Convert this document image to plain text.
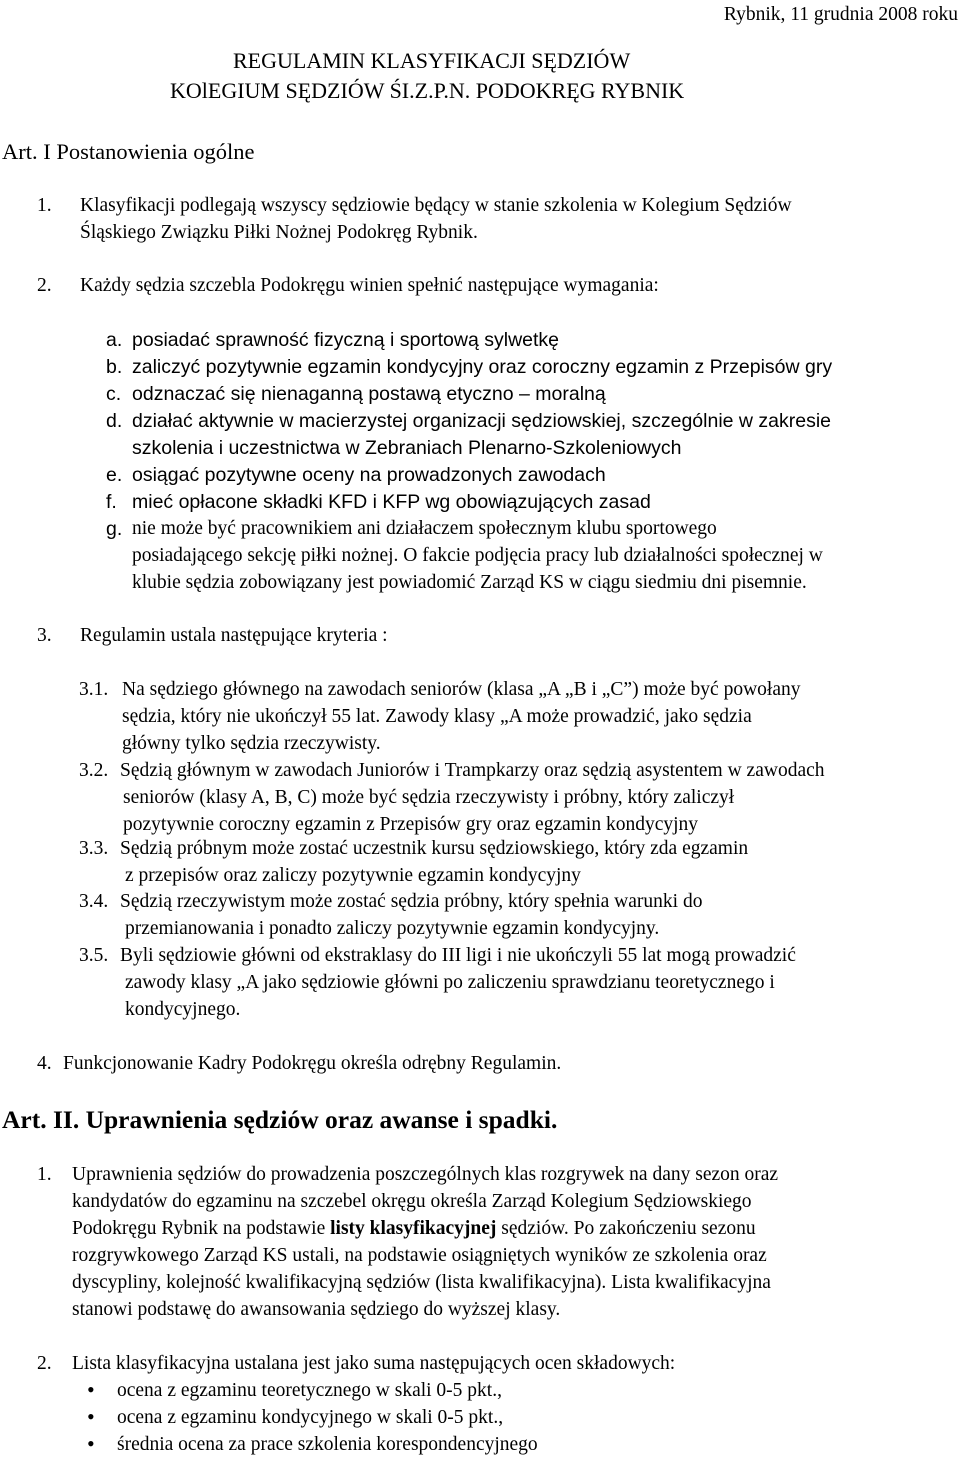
Rybnik, 11 grudnia 2008 roku
REGULAMIN KLASYFIKACJI SĘDZIÓW
KOlEGIUM SĘDZIÓW ŚI.Z.P.N. PODOKRĘG RYBNIK
Art. I Postanowienia ogólne
1. Klasyfikacji podlegają wszyscy sędziowie będący w stanie szkolenia w Kolegium Sędziów
Śląskiego Związku Piłki Nożnej Podokręg Rybnik.
2. Każdy sędzia szczebla Podokręgu winien spełnić następujące wymagania:
a. posiadać sprawność fizyczną i sportową sylwetkę
b. zaliczyć pozytywnie egzamin kondycyjny oraz coroczny egzamin z Przepisów gry
c. odznaczać się nienaganną postawą etyczno – moralną
d. działać aktywnie w macierzystej organizacji sędziowskiej, szczególnie w zakresie
szkolenia i uczestnictwa w Zebraniach Plenarno-Szkoleniowych
e. osiągać pozytywne oceny na prowadzonych zawodach
f. mieć opłacone składki KFD i KFP wg obowiązujących zasad
g. nie może być pracownikiem ani działaczem społecznym klubu sportowego
posiadającego sekcję piłki nożnej. O fakcie podjęcia pracy lub działalności społecznej w
klubie sędzia zobowiązany jest powiadomić Zarząd KS w ciągu siedmiu dni pisemnie.
3. Regulamin ustala następujące kryteria :
3.1. Na sędziego głównego na zawodach seniorów (klasa „A „B i „C”) może być powołany
sędzia, który nie ukończył 55 lat. Zawody klasy „A może prowadzić, jako sędzia
główny tylko sędzia rzeczywisty.
3.2. Sędzią głównym w zawodach Juniorów i Trampkarzy oraz sędzią asystentem w zawodach
seniorów (klasy A, B, C) może być sędzia rzeczywisty i próbny, który zaliczył
pozytywnie coroczny egzamin z Przepisów gry oraz egzamin kondycyjny
3.3. Sędzią próbnym może zostać uczestnik kursu sędziowskiego, który zda egzamin
z przepisów oraz zaliczy pozytywnie egzamin kondycyjny
3.4. Sędzią rzeczywistym może zostać sędzia próbny, który spełnia warunki do
przemianowania i ponadto zaliczy pozytywnie egzamin kondycyjny.
3.5. Byli sędziowie główni od ekstraklasy do III ligi i nie ukończyli 55 lat mogą prowadzić
zawody klasy „A jako sędziowie główni po zaliczeniu sprawdzianu teoretycznego i
kondycyjnego.
4. Funkcjonowanie Kadry Podokręgu określa odrębny Regulamin.
Art. II. Uprawnienia sędziów oraz awanse i spadki.
1. Uprawnienia sędziów do prowadzenia poszczególnych klas rozgrywek na dany sezon oraz
kandydatów do egzaminu na szczebel okręgu określa Zarząd Kolegium Sędziowskiego
Podokręgu Rybnik na podstawie listy klasyfikacyjnej sędziów. Po zakończeniu sezonu
rozgrywkowego Zarząd KS ustali, na podstawie osiągniętych wyników ze szkolenia oraz
dyscypliny, kolejność kwalifikacyjną sędziów (lista kwalifikacyjna). Lista kwalifikacyjna
stanowi podstawę do awansowania sędziego do wyższej klasy.
2. Lista klasyfikacyjna ustalana jest jako suma następujących ocen składowych:
• ocena z egzaminu teoretycznego w skali 0-5 pkt.,
• ocena z egzaminu kondycyjnego w skali 0-5 pkt.,
• średnia ocena za prace szkolenia korespondencyjnego
